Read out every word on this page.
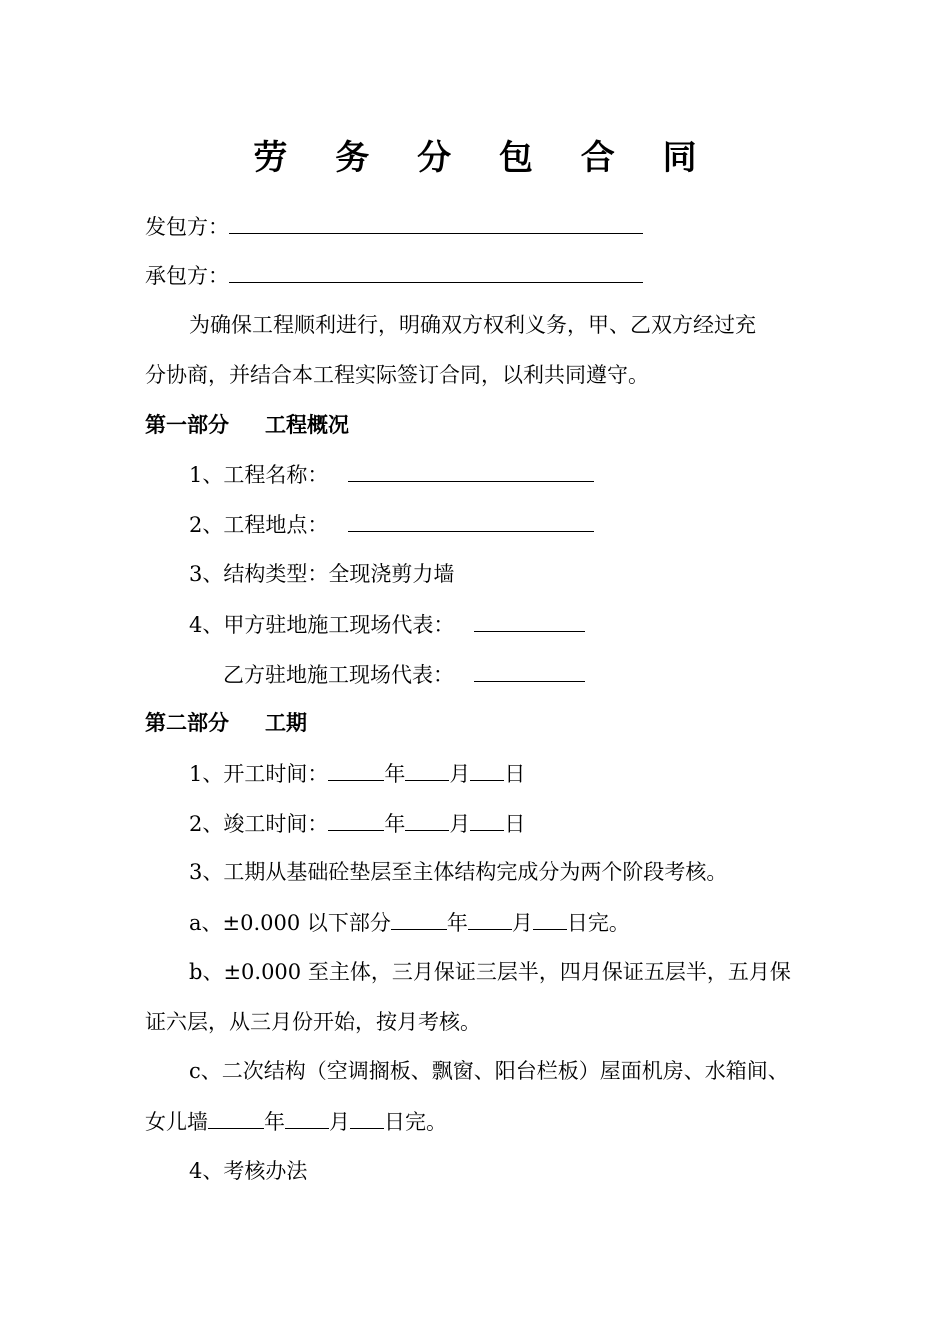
劳 务 分 包 合 同
发包方：
承包方：
为确保工程顺利进行，明确双方权利义务，甲、乙双方经过充
分协商，并结合本工程实际签订合同，以利共同遵守。
第一部分 工程概况
1、工程名称：
2、工程地点：
3、结构类型：全现浇剪力墙
4、甲方驻地施工现场代表：
乙方驻地施工现场代表：
第二部分 工期
1、开工时间：	年 月 日
2、竣工时间：	年 月 日
3、工期从基础砼垫层至主体结构完成分为两个阶段考核。
a、±0.000 以下部分	年 月 日完。
b、±0.000 至主体，三月保证三层半，四月保证五层半，五月保
证六层，从三月份开始，按月考核。
c、二次结构（空调搁板、飘窗、阳台栏板）屋面机房、水箱间、
女儿墙	年 月 日完。
4、考核办法
